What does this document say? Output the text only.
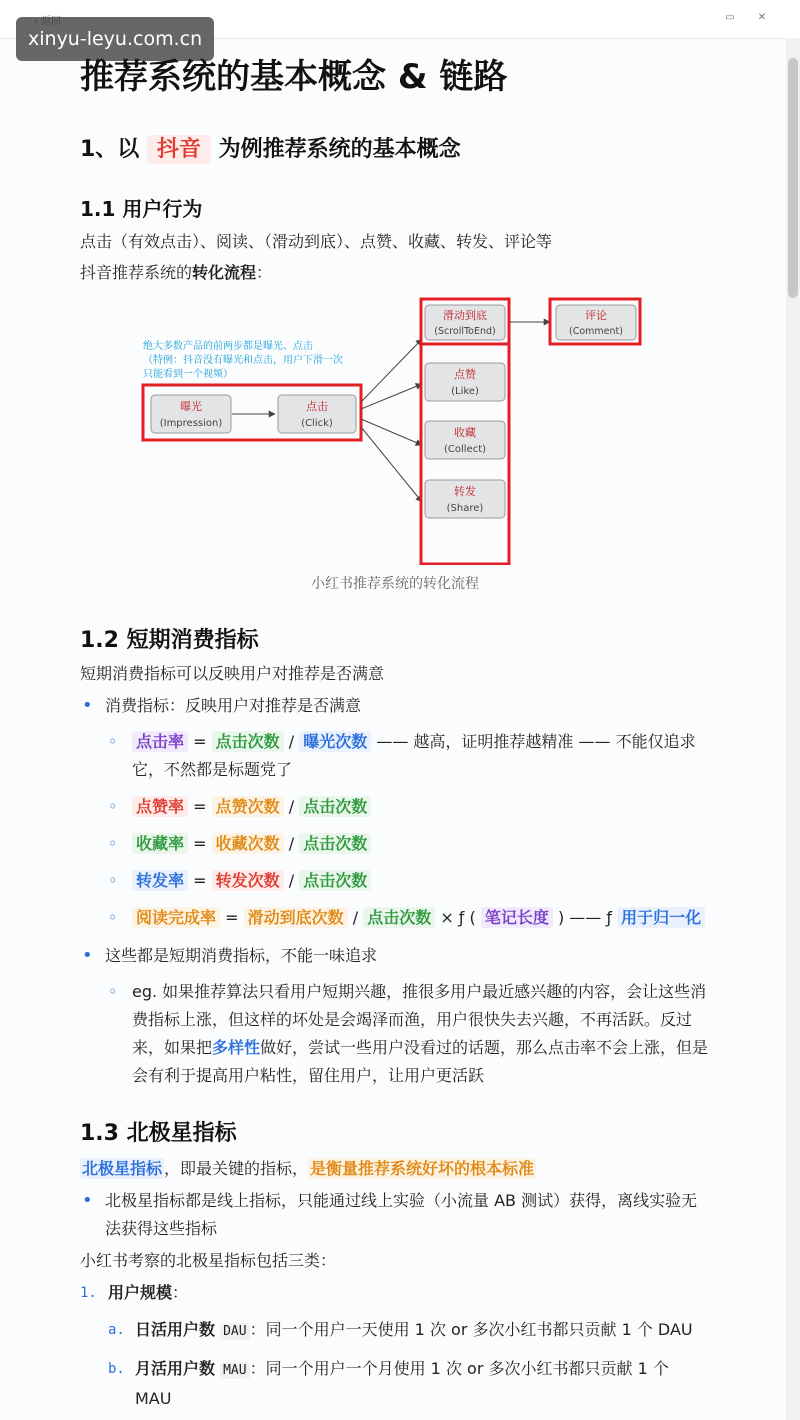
▭ ✕
xinyu-leyu.com.cn
推荐系统的基本概念 & 链路
1、以 抖音 为例推荐系统的基本概念
1.1 用户行为
点击（有效点击）、阅读、（滑动到底）、点赞、收藏、转发、评论等
抖音推荐系统的转化流程：
绝大多数产品的前两步都是曝光、点击
（特例：抖音没有曝光和点击，用户下滑一次
只能看到一个视频）
曝光
(Impression)
点击
(Click)
滑动到底
(ScrollToEnd)
点赞
(Like)
收藏
(Collect)
转发
(Share)
评论
(Comment)
小红书推荐系统的转化流程
1.2 短期消费指标
短期消费指标可以反映用户对推荐是否满意
• 消费指标：反映用户对推荐是否满意
◦ 点击率 = 点击次数 / 曝光次数 —— 越高，证明推荐越精准 —— 不能仅追求它，不然都是标题党了
◦ 点赞率 = 点赞次数 / 点击次数
◦ 收藏率 = 收藏次数 / 点击次数
◦ 转发率 = 转发次数 / 点击次数
◦ 阅读完成率 = 滑动到底次数 / 点击次数 × ƒ ( 笔记长度 ) —— ƒ 用于归一化
• 这些都是短期消费指标，不能一味追求
◦ eg. 如果推荐算法只看用户短期兴趣，推很多用户最近感兴趣的内容，会让这些消费指标上涨，但这样的坏处是会竭泽而渔，用户很快失去兴趣，不再活跃。反过来，如果把多样性做好，尝试一些用户没看过的话题，那么点击率不会上涨，但是会有利于提高用户粘性，留住用户，让用户更活跃
1.3 北极星指标
北极星指标 ，即最关键的指标， 是衡量推荐系统好坏的根本标准
• 北极星指标都是线上指标，只能通过线上实验（小流量 AB 测试）获得，离线实验无法获得这些指标
小红书考察的北极星指标包括三类：
1. 用户规模：
a. 日活用户数 DAU ：同一个用户一天使用 1 次 or 多次小红书都只贡献 1 个 DAU
b. 月活用户数 MAU ：同一个用户一个月使用 1 次 or 多次小红书都只贡献 1 个 MAU
